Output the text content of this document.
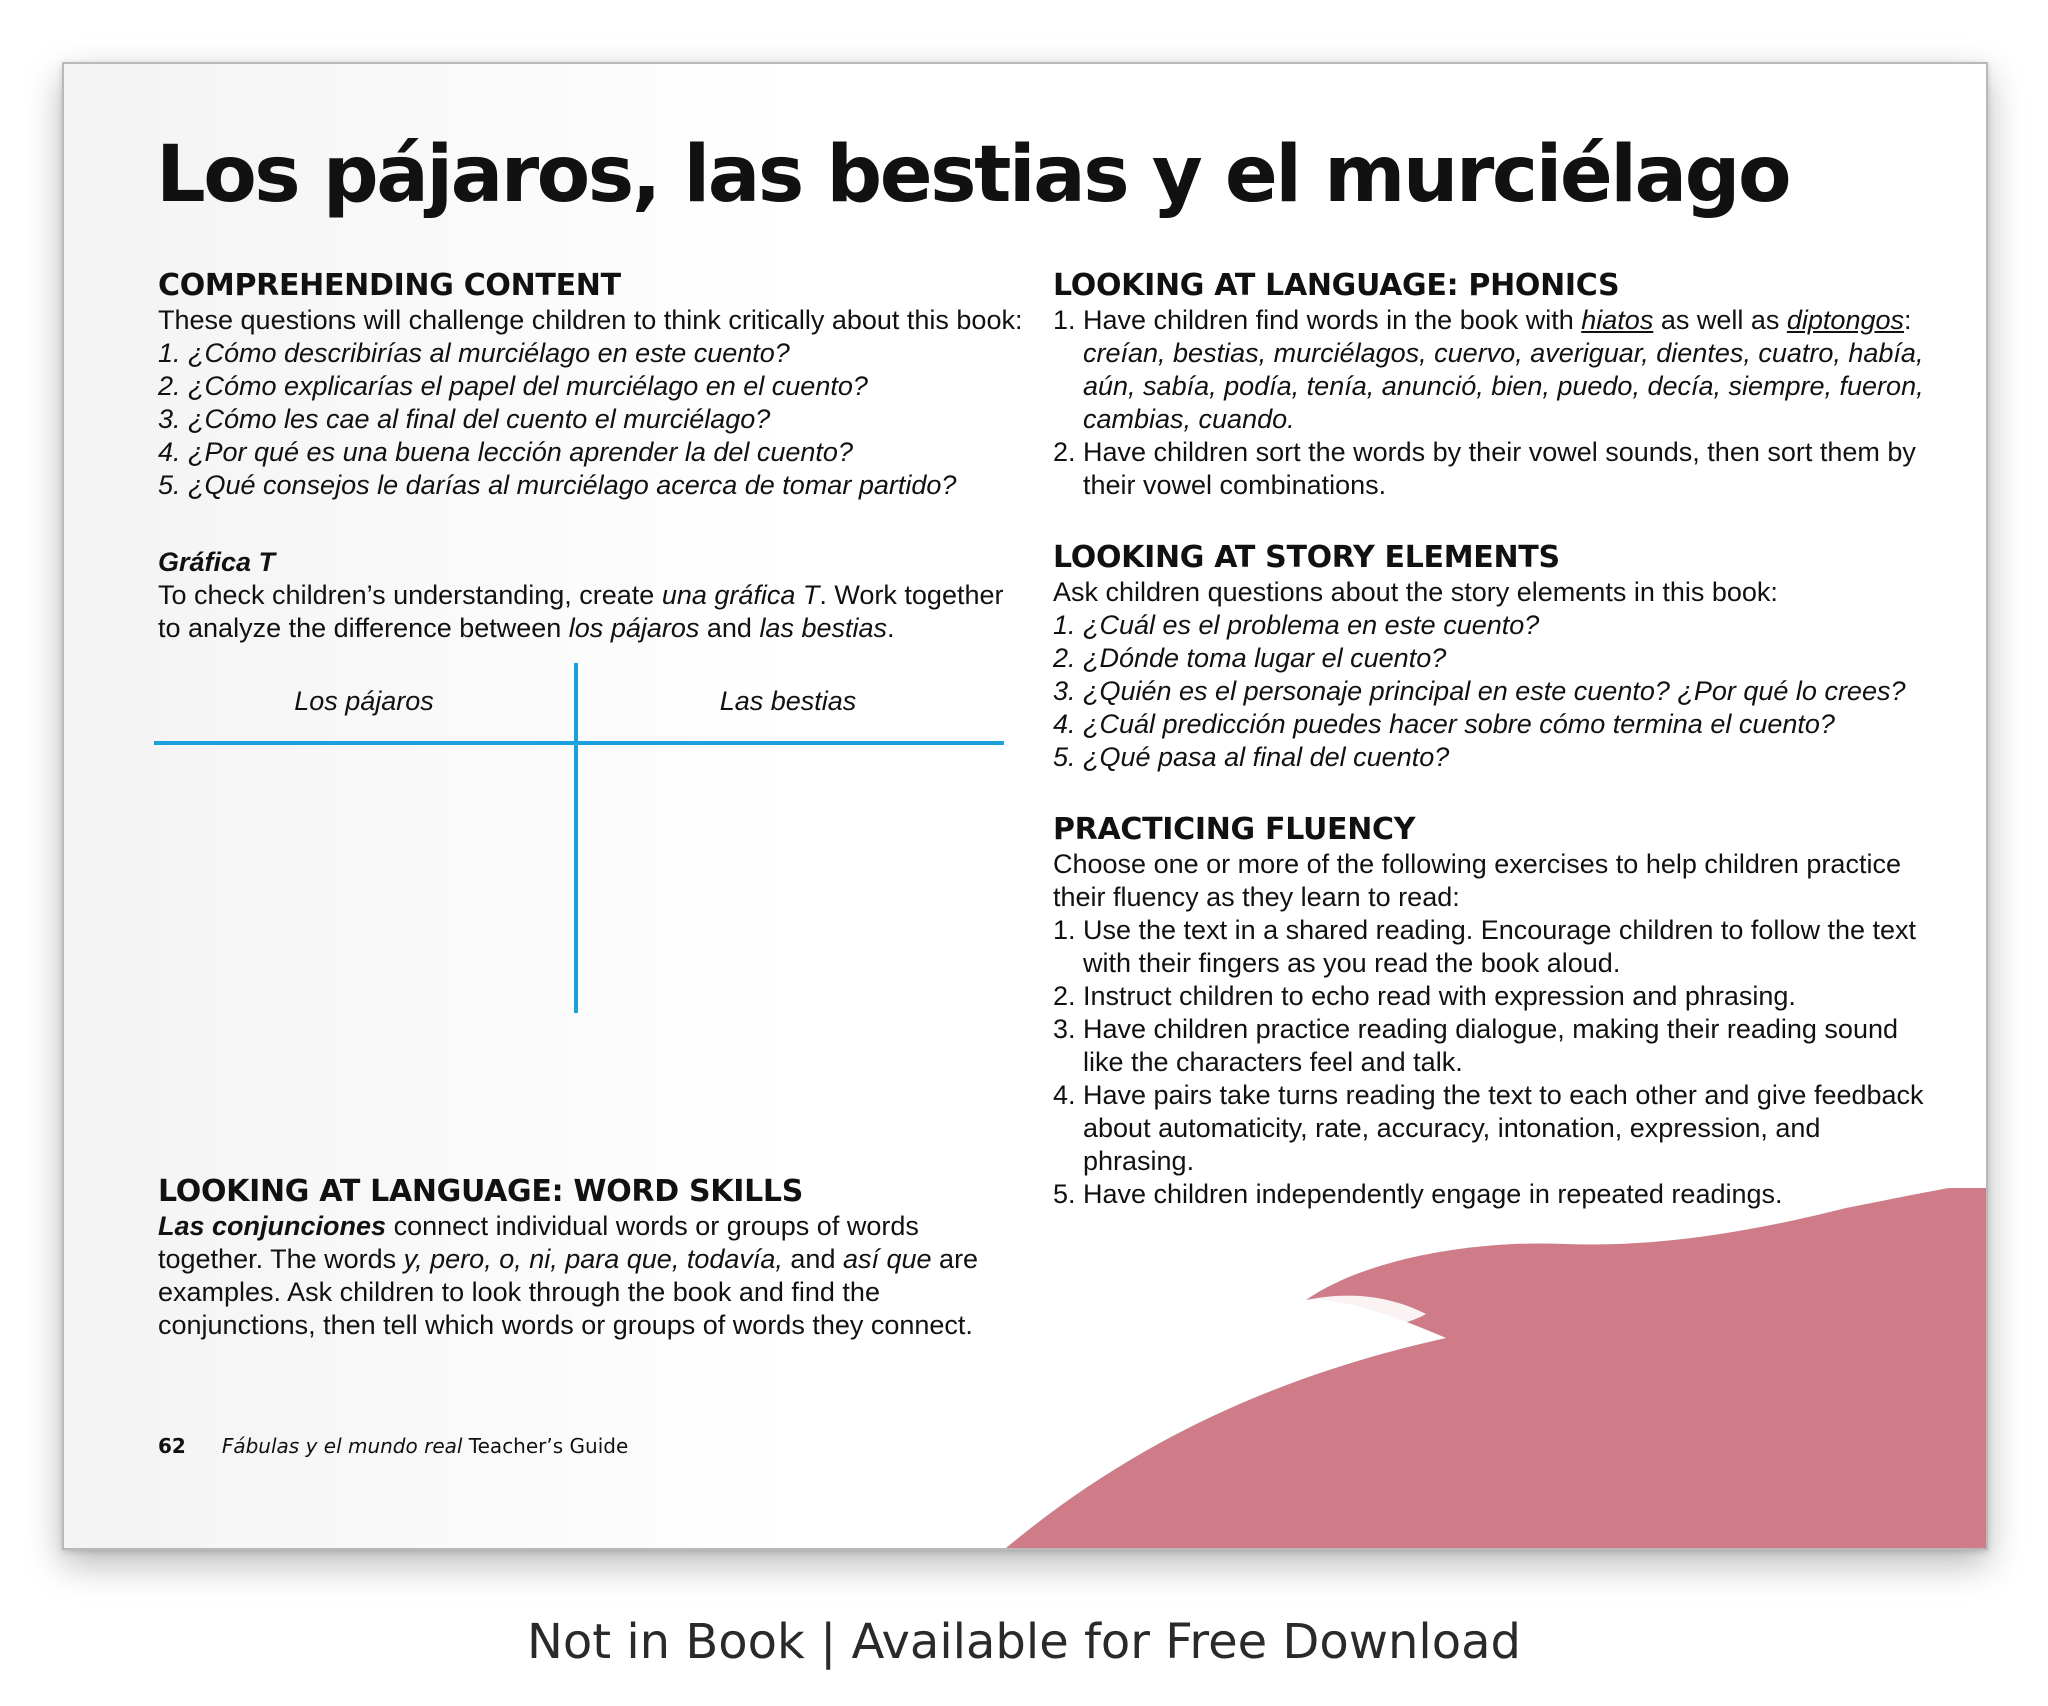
Los pájaros, las bestias y el murciélago
COMPREHENDING CONTENT

These questions will challenge children to think critically about this book:

1. ¿Cómo describirías al murciélago en este cuento?
2. ¿Cómo explicarías el papel del murciélago en el cuento?
3. ¿Cómo les cae al final del cuento el murciélago?
4. ¿Por qué es una buena lección aprender la del cuento?
5. ¿Qué consejos le darías al murciélago acerca de tomar partido?
Gráfica T

To check children’s understanding, create una gráfica T. Work together to analyze the difference between los pájaros and las bestias.

Los pájaros	Las bestias
LOOKING AT LANGUAGE: WORD SKILLS

Las conjunciones connect individual words or groups of words together. The words y, pero, o, ni, para que, todavía, and así que are examples. Ask children to look through the book and find the conjunctions, then tell which words or groups of words they connect.

LOOKING AT LANGUAGE: PHONICS
1. Have children find words in the book with hiatos as well as diptongos: creían, bestias, murciélagos, cuervo, averiguar, dientes, cuatro, había, aún, sabía, podía, tenía, anunció, bien, puedo, decía, siempre, fueron, cambias, cuando.
2. Have children sort the words by their vowel sounds, then sort them by their vowel combinations.
LOOKING AT STORY ELEMENTS

Ask children questions about the story elements in this book:

1. ¿Cuál es el problema en este cuento?
2. ¿Dónde toma lugar el cuento?
3. ¿Quién es el personaje principal en este cuento? ¿Por qué lo crees?
4. ¿Cuál predicción puedes hacer sobre cómo termina el cuento?
5. ¿Qué pasa al final del cuento?
PRACTICING FLUENCY

Choose one or more of the following exercises to help children practice their fluency as they learn to read:

1. Use the text in a shared reading. Encourage children to follow the text with their fingers as you read the book aloud.
2. Instruct children to echo read with expression and phrasing.
3. Have children practice reading dialogue, making their reading sound like the characters feel and talk.
4. Have pairs take turns reading the text to each other and give feedback about automaticity, rate, accuracy, intonation, expression, and phrasing.
5. Have children independently engage in repeated readings.
62 Fábulas y el mundo real Teacher’s Guide
Not in Book | Available for Free Download
